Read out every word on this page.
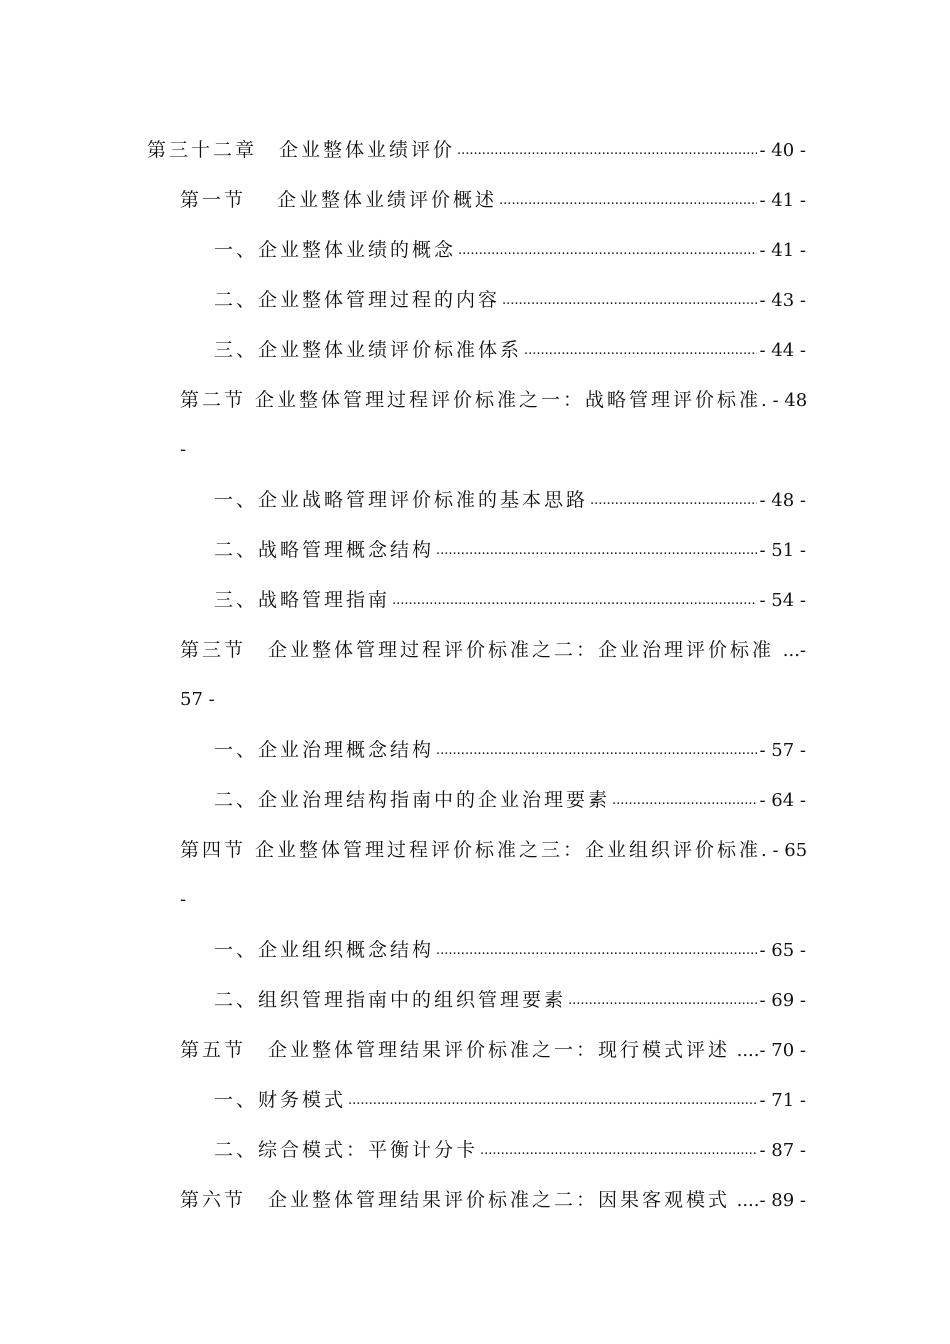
第三十二章　企业整体业绩评价 .....	- 40 -
第一节　 企业整体业绩评价概述 .....	- 41 -
一、企业整体业绩的概念 .....	- 41 -
二、企业整体管理过程的内容 .....	- 43 -
三、企业整体业绩评价标准体系 .....	- 44 -
第二节 企业整体管理过程评价标准之一：战略管理评价标准 . - 48
-
一、企业战略管理评价标准的基本思路 .....	- 48 -
二、战略管理概念结构 .....	- 51 -
三、战略管理指南 .....	- 54 -
第三节　企业整体管理过程评价标准之二：企业治理评价标准 ...-
57 -
一、企业治理概念结构 .....	- 57 -
二、企业治理结构指南中的企业治理要素 .....	- 64 -
第四节 企业整体管理过程评价标准之三：企业组织评价标准 . - 65
-
一、企业组织概念结构 .....	- 65 -
二、组织管理指南中的组织管理要素 .....	- 69 -
第五节　企业整体管理结果评价标准之一：现行模式评述 ....- 70 -
一、财务模式 .....	- 71 -
二、综合模式：平衡计分卡 .....	- 87 -
第六节　企业整体管理结果评价标准之二：因果客观模式 ....- 89 -
